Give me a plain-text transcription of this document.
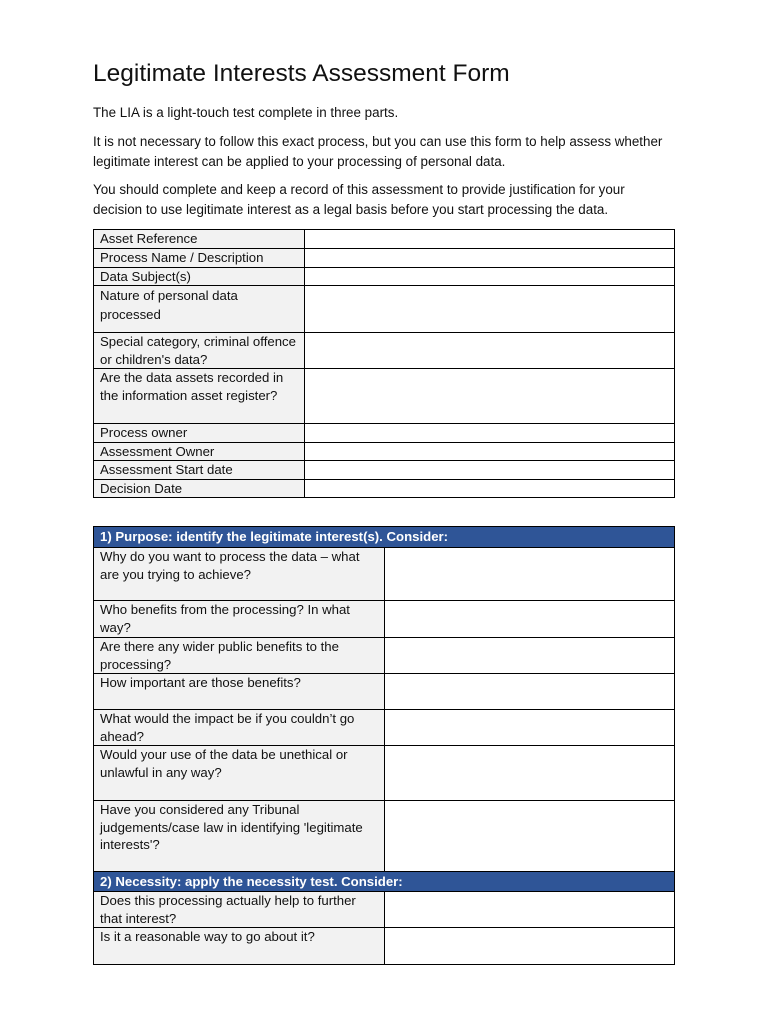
Legitimate Interests Assessment Form

The LIA is a light-touch test complete in three parts.

It is not necessary to follow this exact process, but you can use this form to help assess whether legitimate interest can be applied to your processing of personal data.

You should complete and keep a record of this assessment to provide justification for your decision to use legitimate interest as a legal basis before you start processing the data.

Asset Reference	
Process Name / Description	
Data Subject(s)	
Nature of personal data processed	
Special category, criminal offence or children's data?	
Are the data assets recorded in the information asset register?	
Process owner	
Assessment Owner	
Assessment Start date	
Decision Date	
1) Purpose: identify the legitimate interest(s). Consider:	
Why do you want to process the data – what are you trying to achieve?	
Who benefits from the processing? In what way?	
Are there any wider public benefits to the processing?	
How important are those benefits?	
What would the impact be if you couldn’t go ahead?	
Would your use of the data be unethical or unlawful in any way?	
Have you considered any Tribunal judgements/case law in identifying 'legitimate interests'?	
2) Necessity: apply the necessity test. Consider:	
Does this processing actually help to further that interest?	
Is it a reasonable way to go about it?	
